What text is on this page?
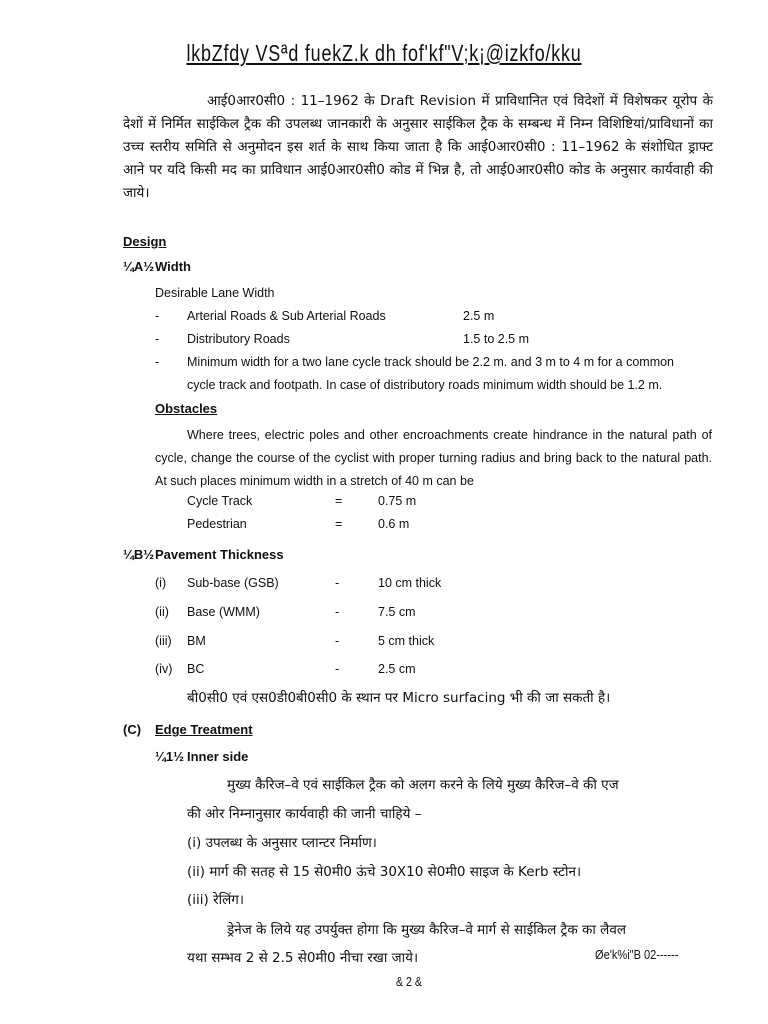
lkbZfdy VSªd fuekZ.k dh fof'kf"V;k¡@izkfo/kku
आई0आर0सी0 : 11–1962 के Draft Revision में प्राविधानित एवं विदेशों में विशेषकर यूरोप के देशों में निर्मित साईकिल ट्रैक की उपलब्ध जानकारी के अनुसार साईकिल ट्रैक के सम्बन्ध में निम्न विशिष्टियां/प्राविधानों का उच्च स्तरीय समिति से अनुमोदन इस शर्त के साथ किया जाता है कि आई0आर0सी0 : 11–1962 के संशोधित ड्राफ्ट आने पर यदि किसी मद का प्राविधान आई0आर0सी0 कोड में भिन्न है, तो आई0आर0सी0 कोड के अनुसार कार्यवाही की जाये।
Design
¼A½ Width
Desirable Lane Width
- Arterial Roads & Sub Arterial Roads	2.5 m
- Distributory Roads	1.5 to 2.5 m
- Minimum width for a two lane cycle track should be 2.2 m. and 3 m to 4 m for a common
cycle track and footpath. In case of distributory roads minimum width should be 1.2 m.
Obstacles
Where trees, electric poles and other encroachments create hindrance in the natural path of cycle, change the course of the cyclist with proper turning radius and bring back to the natural path. At such places minimum width in a stretch of 40 m can be
Cycle Track	=	0.75 m
Pedestrian	=	0.6 m
¼B½ Pavement Thickness
(i) Sub-base (GSB)	-	10 cm thick
(ii) Base (WMM)	-	7.5 cm
(iii) BM	-	5 cm thick
(iv) BC	-	2.5 cm
बी0सी0 एवं एस0डी0बी0सी0 के स्थान पर Micro surfacing भी की जा सकती है।
(C) Edge Treatment
¼1½ Inner side
मुख्य कैरिज–वे एवं साईकिल ट्रैक को अलग करने के लिये मुख्य कैरिज–वे की एज
की ओर निम्नानुसार कार्यवाही की जानी चाहिये –
(i) उपलब्ध के अनुसार प्लान्टर निर्माण।
(ii) मार्ग की सतह से 15 से0मी0 ऊंचे 30X10 से0मी0 साइज के Kerb स्टोन।
(iii) रेलिंग।
ड्रेनेज के लिये यह उपर्युक्त होगा कि मुख्य कैरिज–वे मार्ग से साईकिल ट्रैक का लैवल
यथा सम्भव 2 से 2.5 से0मी0 नीचा रखा जाये।	Øe'k%i"B 02------
& 2 &
